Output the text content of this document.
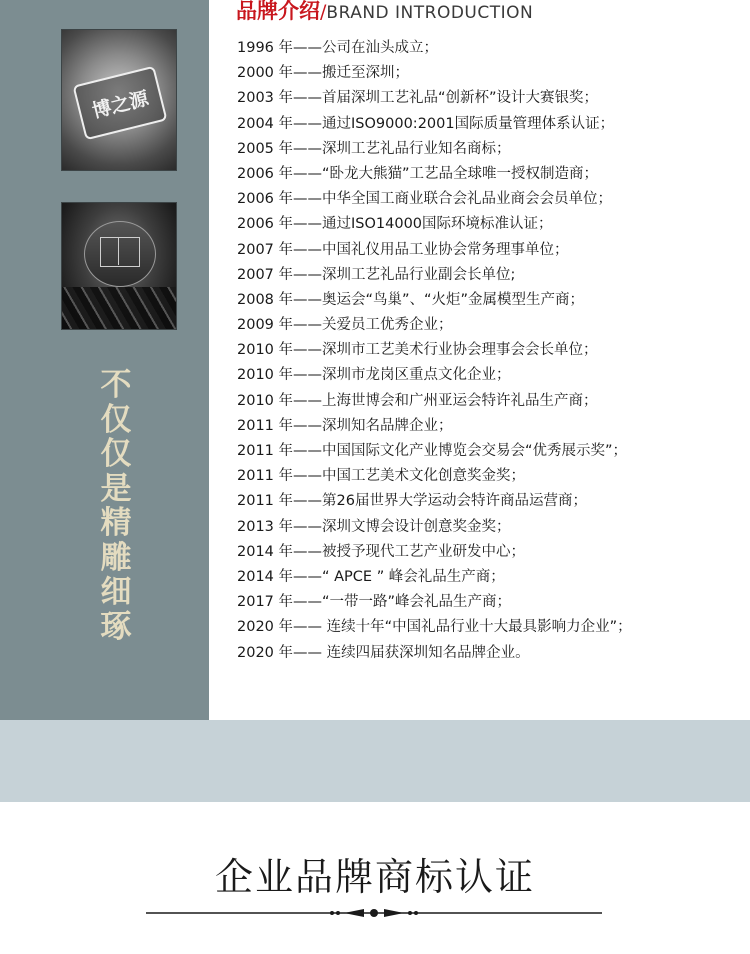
博之源
不
仅
仅
是
精
雕
细
琢
品牌介绍/BRAND INTRODUCTION
1996 年——公司在汕头成立；
2000 年——搬迁至深圳；
2003 年——首届深圳工艺礼品“创新杯”设计大赛银奖；
2004 年——通过ISO9000:2001国际质量管理体系认证；
2005 年——深圳工艺礼品行业知名商标；
2006 年——“卧龙大熊猫”工艺品全球唯一授权制造商；
2006 年——中华全国工商业联合会礼品业商会会员单位；
2006 年——通过ISO14000国际环境标准认证；
2007 年——中国礼仪用品工业协会常务理事单位；
2007 年——深圳工艺礼品行业副会长单位;
2008 年——奥运会“鸟巢”、“火炬”金属模型生产商；
2009 年——关爱员工优秀企业；
2010 年——深圳市工艺美术行业协会理事会会长单位；
2010 年——深圳市龙岗区重点文化企业；
2010 年——上海世博会和广州亚运会特许礼品生产商；
2011 年——深圳知名品牌企业；
2011 年——中国国际文化产业博览会交易会“优秀展示奖”；
2011 年——中国工艺美术文化创意奖金奖；
2011 年——第26届世界大学运动会特许商品运营商；
2013 年——深圳文博会设计创意奖金奖；
2014 年——被授予现代工艺产业研发中心；
2014 年——“ APCE ” 峰会礼品生产商；
2017 年——“一带一路”峰会礼品生产商；
2020 年—— 连续十年“中国礼品行业十大最具影响力企业”；
2020 年—— 连续四届获深圳知名品牌企业。
企业品牌商标认证
